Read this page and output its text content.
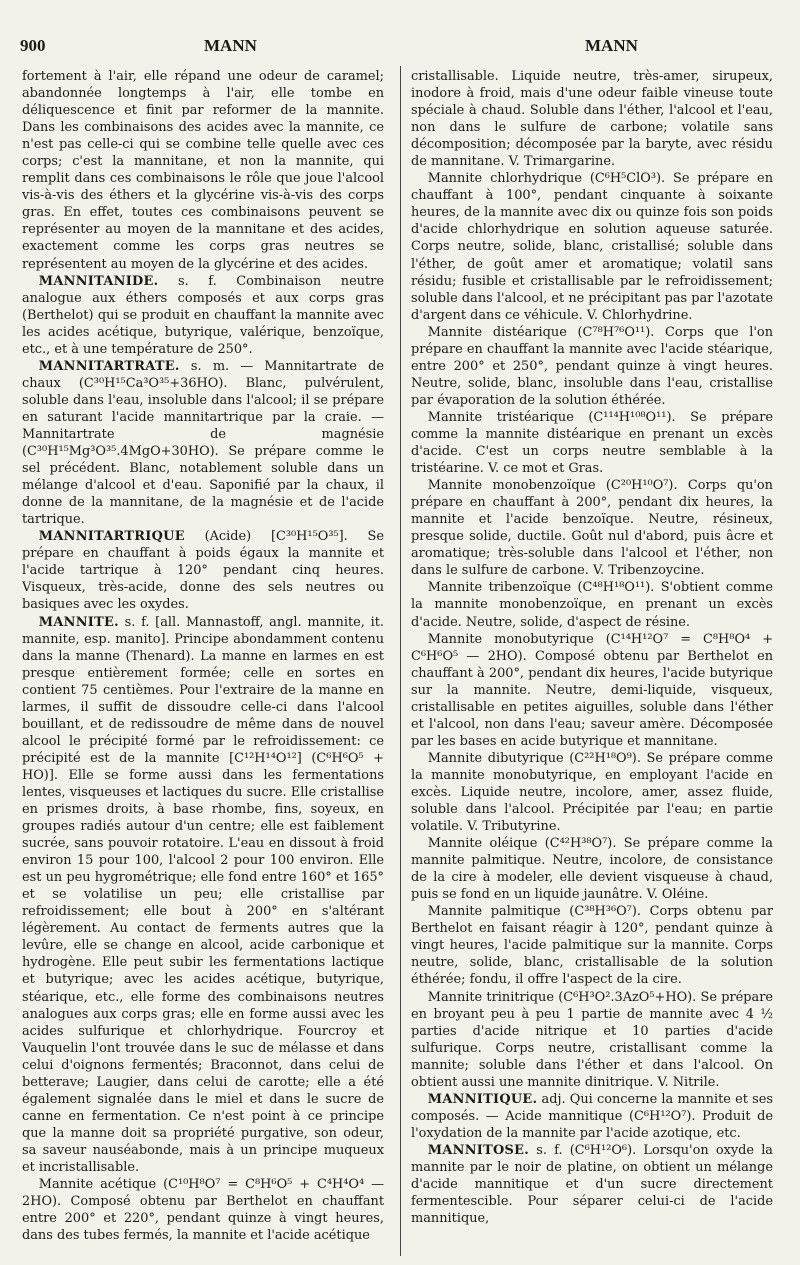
900	MANN	MANN

fortement à l'air, elle répand une odeur de caramel; abandonnée longtemps à l'air, elle tombe en déliquescence et finit par reformer de la mannite. Dans les combinaisons des acides avec la mannite, ce n'est pas celle-ci qui se combine telle quelle avec ces corps; c'est la mannitane, et non la mannite, qui remplit dans ces combinaisons le rôle que joue l'alcool vis-à-vis des éthers et la glycérine vis-à-vis des corps gras. En effet, toutes ces combinaisons peuvent se représenter au moyen de la mannitane et des acides, exactement comme les corps gras neutres se représentent au moyen de la glycérine et des acides.

MANNITANIDE. s. f. Combinaison neutre analogue aux éthers composés et aux corps gras (Berthelot) qui se produit en chauffant la mannite avec les acides acétique, butyrique, valérique, benzoïque, etc., et à une température de 250°.

MANNITARTRATE. s. m. — Mannitartrate de chaux (C³⁰H¹⁵Ca³O³⁵+36HO). Blanc, pulvérulent, soluble dans l'eau, insoluble dans l'alcool; il se prépare en saturant l'acide mannitartrique par la craie. — Mannitartrate de magnésie (C³⁰H¹⁵Mg³O³⁵.4MgO+30HO). Se prépare comme le sel précédent. Blanc, notablement soluble dans un mélange d'alcool et d'eau. Saponifié par la chaux, il donne de la mannitane, de la magnésie et de l'acide tartrique.

MANNITARTRIQUE (Acide) [C³⁰H¹⁵O³⁵]. Se prépare en chauffant à poids égaux la mannite et l'acide tartrique à 120° pendant cinq heures. Visqueux, très-acide, donne des sels neutres ou basiques avec les oxydes.

MANNITE. s. f. [all. Mannastoff, angl. mannite, it. mannite, esp. manito]. Principe abondamment contenu dans la manne (Thenard). La manne en larmes en est presque entièrement formée; celle en sortes en contient 75 centièmes. Pour l'extraire de la manne en larmes, il suffit de dissoudre celle-ci dans l'alcool bouillant, et de redissoudre de même dans de nouvel alcool le précipité formé par le refroidissement: ce précipité est de la mannite [C¹²H¹⁴O¹²] (C⁶H⁶O⁵ + HO)]. Elle se forme aussi dans les fermentations lentes, visqueuses et lactiques du sucre. Elle cristallise en prismes droits, à base rhombe, fins, soyeux, en groupes radiés autour d'un centre; elle est faiblement sucrée, sans pouvoir rotatoire. L'eau en dissout à froid environ 15 pour 100, l'alcool 2 pour 100 environ. Elle est un peu hygrométrique; elle fond entre 160° et 165° et se volatilise un peu; elle cristallise par refroidissement; elle bout à 200° en s'altérant légèrement. Au contact de ferments autres que la levûre, elle se change en alcool, acide carbonique et hydrogène. Elle peut subir les fermentations lactique et butyrique; avec les acides acétique, butyrique, stéarique, etc., elle forme des combinaisons neutres analogues aux corps gras; elle en forme aussi avec les acides sulfurique et chlorhydrique. Fourcroy et Vauquelin l'ont trouvée dans le suc de mélasse et dans celui d'oignons fermentés; Braconnot, dans celui de betterave; Laugier, dans celui de carotte; elle a été également signalée dans le miel et dans le sucre de canne en fermentation. Ce n'est point à ce principe que la manne doit sa propriété purgative, son odeur, sa saveur nauséabonde, mais à un principe muqueux et incristallisable.

Mannite acétique (C¹⁰H⁸O⁷ = C⁸H⁶O⁵ + C⁴H⁴O⁴ — 2HO). Composé obtenu par Berthelot en chauffant entre 200° et 220°, pendant quinze à vingt heures, dans des tubes fermés, la mannite et l'acide acétique

cristallisable. Liquide neutre, très-amer, sirupeux, inodore à froid, mais d'une odeur faible vineuse toute spéciale à chaud. Soluble dans l'éther, l'alcool et l'eau, non dans le sulfure de carbone; volatile sans décomposition; décomposée par la baryte, avec résidu de mannitane. V. Trimargarine.

Mannite chlorhydrique (C⁶H⁵ClO³). Se prépare en chauffant à 100°, pendant cinquante à soixante heures, de la mannite avec dix ou quinze fois son poids d'acide chlorhydrique en solution aqueuse saturée. Corps neutre, solide, blanc, cristallisé; soluble dans l'éther, de goût amer et aromatique; volatil sans résidu; fusible et cristallisable par le refroidissement; soluble dans l'alcool, et ne précipitant pas par l'azotate d'argent dans ce véhicule. V. Chlorhydrine.

Mannite distéarique (C⁷⁸H⁷⁶O¹¹). Corps que l'on prépare en chauffant la mannite avec l'acide stéarique, entre 200° et 250°, pendant quinze à vingt heures. Neutre, solide, blanc, insoluble dans l'eau, cristallise par évaporation de la solution éthérée.

Mannite tristéarique (C¹¹⁴H¹⁰⁸O¹¹). Se prépare comme la mannite distéarique en prenant un excès d'acide. C'est un corps neutre semblable à la tristéarine. V. ce mot et Gras.

Mannite monobenzoïque (C²⁰H¹⁰O⁷). Corps qu'on prépare en chauffant à 200°, pendant dix heures, la mannite et l'acide benzoïque. Neutre, résineux, presque solide, ductile. Goût nul d'abord, puis âcre et aromatique; très-soluble dans l'alcool et l'éther, non dans le sulfure de carbone. V. Tribenzoycine.

Mannite tribenzoïque (C⁴⁸H¹⁸O¹¹). S'obtient comme la mannite monobenzoïque, en prenant un excès d'acide. Neutre, solide, d'aspect de résine.

Mannite monobutyrique (C¹⁴H¹²O⁷ = C⁸H⁸O⁴ + C⁶H⁶O⁵ — 2HO). Composé obtenu par Berthelot en chauffant à 200°, pendant dix heures, l'acide butyrique sur la mannite. Neutre, demi-liquide, visqueux, cristallisable en petites aiguilles, soluble dans l'éther et l'alcool, non dans l'eau; saveur amère. Décomposée par les bases en acide butyrique et mannitane.

Mannite dibutyrique (C²²H¹⁸O⁹). Se prépare comme la mannite monobutyrique, en employant l'acide en excès. Liquide neutre, incolore, amer, assez fluide, soluble dans l'alcool. Précipitée par l'eau; en partie volatile. V. Tributyrine.

Mannite oléique (C⁴²H³⁸O⁷). Se prépare comme la mannite palmitique. Neutre, incolore, de consistance de la cire à modeler, elle devient visqueuse à chaud, puis se fond en un liquide jaunâtre. V. Oléine.

Mannite palmitique (C³⁸H³⁶O⁷). Corps obtenu par Berthelot en faisant réagir à 120°, pendant quinze à vingt heures, l'acide palmitique sur la mannite. Corps neutre, solide, blanc, cristallisable de la solution éthérée; fondu, il offre l'aspect de la cire.

Mannite trinitrique (C⁶H³O².3AzO⁵+HO). Se prépare en broyant peu à peu 1 partie de mannite avec 4 ½ parties d'acide nitrique et 10 parties d'acide sulfurique. Corps neutre, cristallisant comme la mannite; soluble dans l'éther et dans l'alcool. On obtient aussi une mannite dinitrique. V. Nitrile.

MANNITIQUE. adj. Qui concerne la mannite et ses composés. — Acide mannitique (C⁶H¹²O⁷). Produit de l'oxydation de la mannite par l'acide azotique, etc.

MANNITOSE. s. f. (C⁶H¹²O⁶). Lorsqu'on oxyde la mannite par le noir de platine, on obtient un mélange d'acide mannitique et d'un sucre directement fermentescible. Pour séparer celui-ci de l'acide mannitique,
